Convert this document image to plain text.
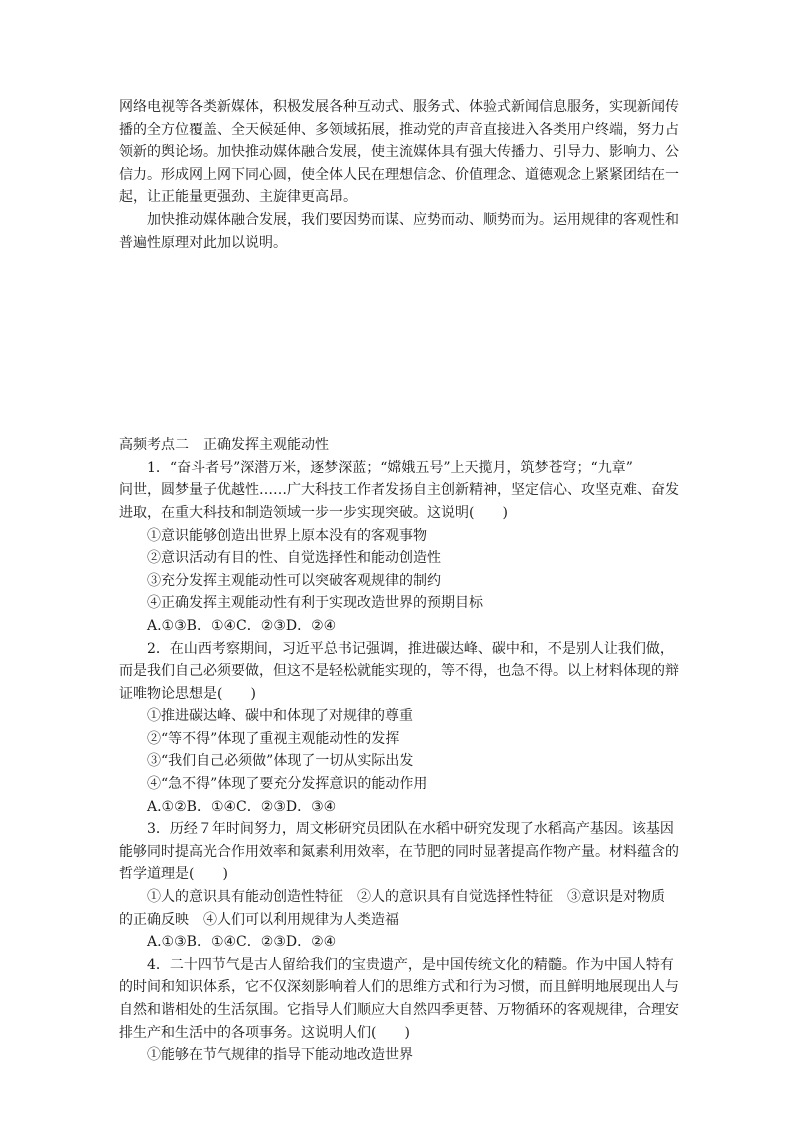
网络电视等各类新媒体，积极发展各种互动式、服务式、体验式新闻信息服务，实现新闻传
播的全方位覆盖、全天候延伸、多领域拓展，推动党的声音直接进入各类用户终端，努力占
领新的舆论场。加快推动媒体融合发展，使主流媒体具有强大传播力、引导力、影响力、公
信力。形成网上网下同心圆，使全体人民在理想信念、价值理念、道德观念上紧紧团结在一
起，让正能量更强劲、主旋律更高昂。
加快推动媒体融合发展，我们要因势而谋、应势而动、顺势而为。运用规律的客观性和
普遍性原理对此加以说明。
高频考点二　正确发挥主观能动性
1．“奋斗者号”深潜万米，逐梦深蓝；“嫦娥五号”上天揽月，筑梦苍穹；“九章”
问世，圆梦量子优越性……广大科技工作者发扬自主创新精神，坚定信心、攻坚克难、奋发
进取，在重大科技和制造领域一步一步实现突破。这说明(　　)
①意识能够创造出世界上原本没有的客观事物
②意识活动有目的性、自觉选择性和能动创造性
③充分发挥主观能动性可以突破客观规律的制约
④正确发挥主观能动性有利于实现改造世界的预期目标
A.①③B．①④C．②③D．②④
2．在山西考察期间，习近平总书记强调，推进碳达峰、碳中和，不是别人让我们做，
而是我们自己必须要做，但这不是轻松就能实现的，等不得，也急不得。以上材料体现的辩
证唯物论思想是(　　)
①推进碳达峰、碳中和体现了对规律的尊重
②“等不得”体现了重视主观能动性的发挥
③“我们自己必须做”体现了一切从实际出发
④“急不得”体现了要充分发挥意识的能动作用
A.①②B．①④C．②③D．③④
3．历经７年时间努力，周文彬研究员团队在水稻中研究发现了水稻高产基因。该基因
能够同时提高光合作用效率和氮素利用效率，在节肥的同时显著提高作物产量。材料蕴含的
哲学道理是(　　)
①人的意识具有能动创造性特征　②人的意识具有自觉选择性特征　③意识是对物质
的正确反映　④人们可以利用规律为人类造福
A.①③B．①④C．②③D．②④
4．二十四节气是古人留给我们的宝贵遗产，是中国传统文化的精髓。作为中国人特有
的时间和知识体系，它不仅深刻影响着人们的思维方式和行为习惯，而且鲜明地展现出人与
自然和谐相处的生活氛围。它指导人们顺应大自然四季更替、万物循环的客观规律，合理安
排生产和生活中的各项事务。这说明人们(　　)
①能够在节气规律的指导下能动地改造世界
